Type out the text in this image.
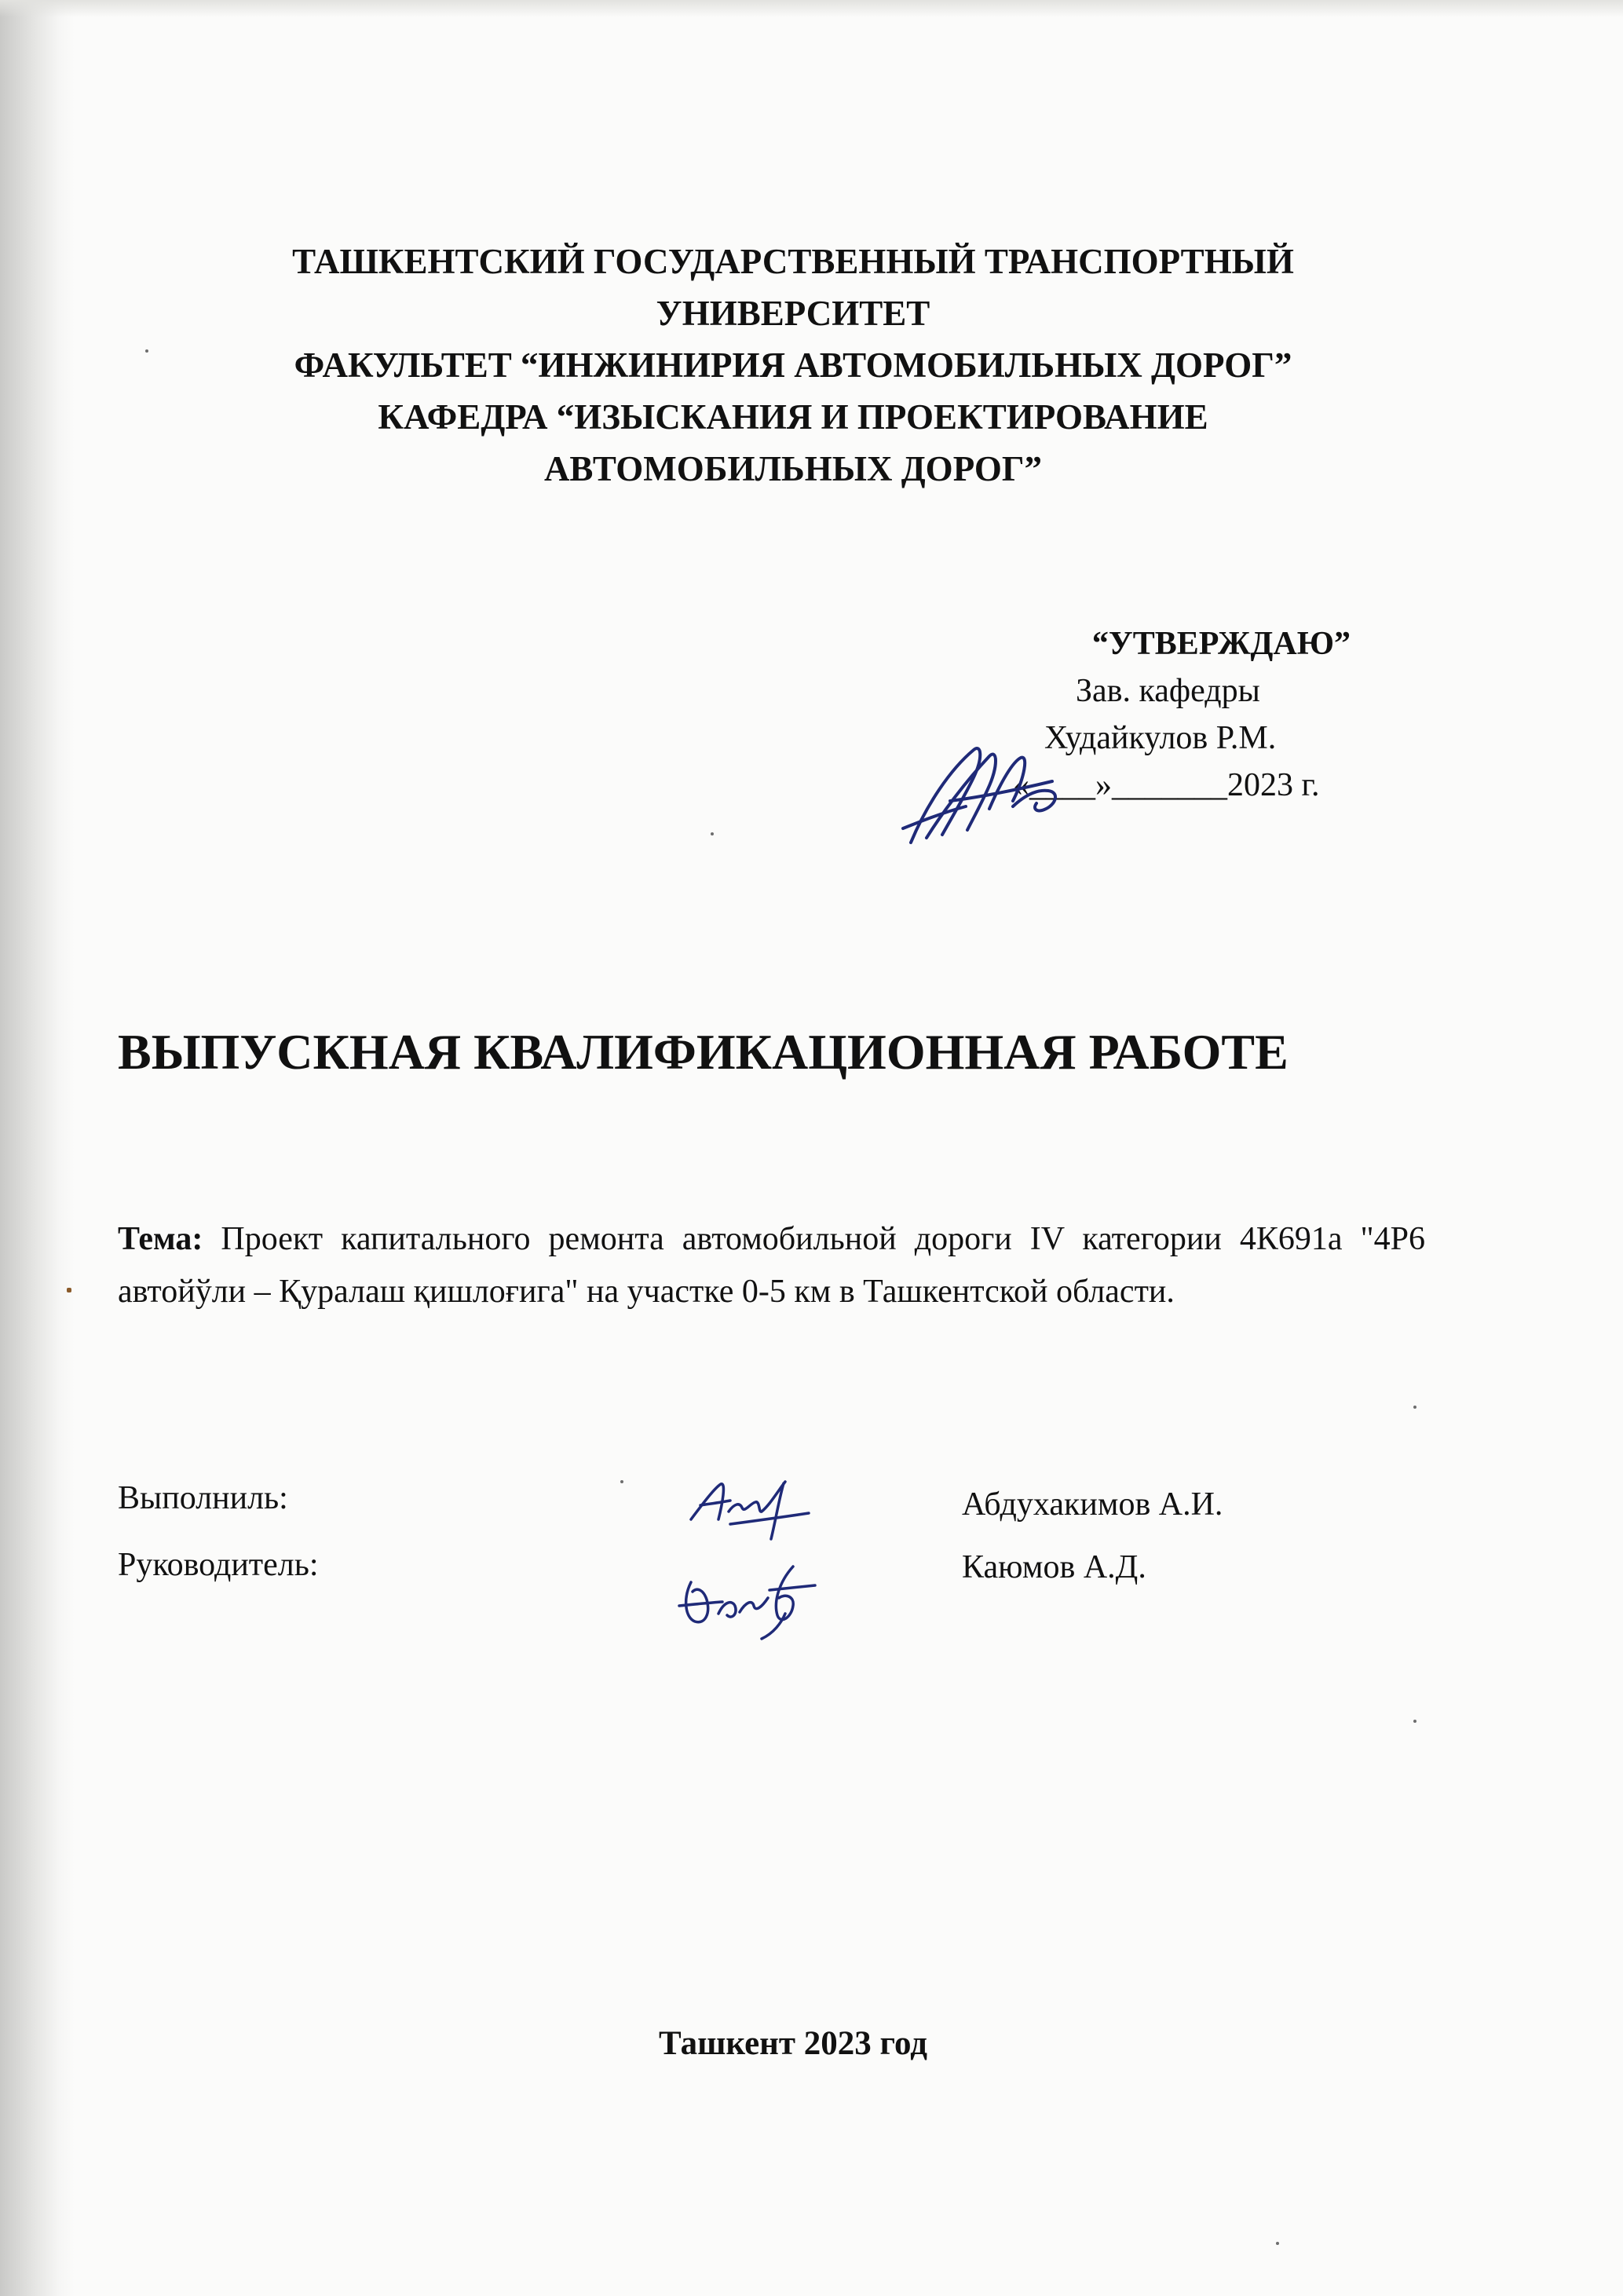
ТАШКЕНТСКИЙ ГОСУДАРСТВЕННЫЙ ТРАНСПОРТНЫЙ
УНИВЕРСИТЕТ
ФАКУЛЬТЕТ “ИНЖИНИРИЯ АВТОМОБИЛЬНЫХ ДОРОГ”
КАФЕДРА “ИЗЫСКАНИЯ И ПРОЕКТИРОВАНИЕ
АВТОМОБИЛЬНЫХ ДОРОГ”
“УТВЕРЖДАЮ”
Зав. кафедры
Худайкулов Р.М.
«____»_______2023 г.
ВЫПУСКНАЯ КВАЛИФИКАЦИОННАЯ РАБОТЕ

Тема: Проект капитального ремонта автомобильной дороги IV категории 4К691а "4Р6 автойўли – Қуралаш қишлоғига" на участке 0-5 км в Ташкентской области.

Выполниль:	Абдухакимов А.И.
Руководитель:	Каюмов А.Д.
Ташкент 2023 год
